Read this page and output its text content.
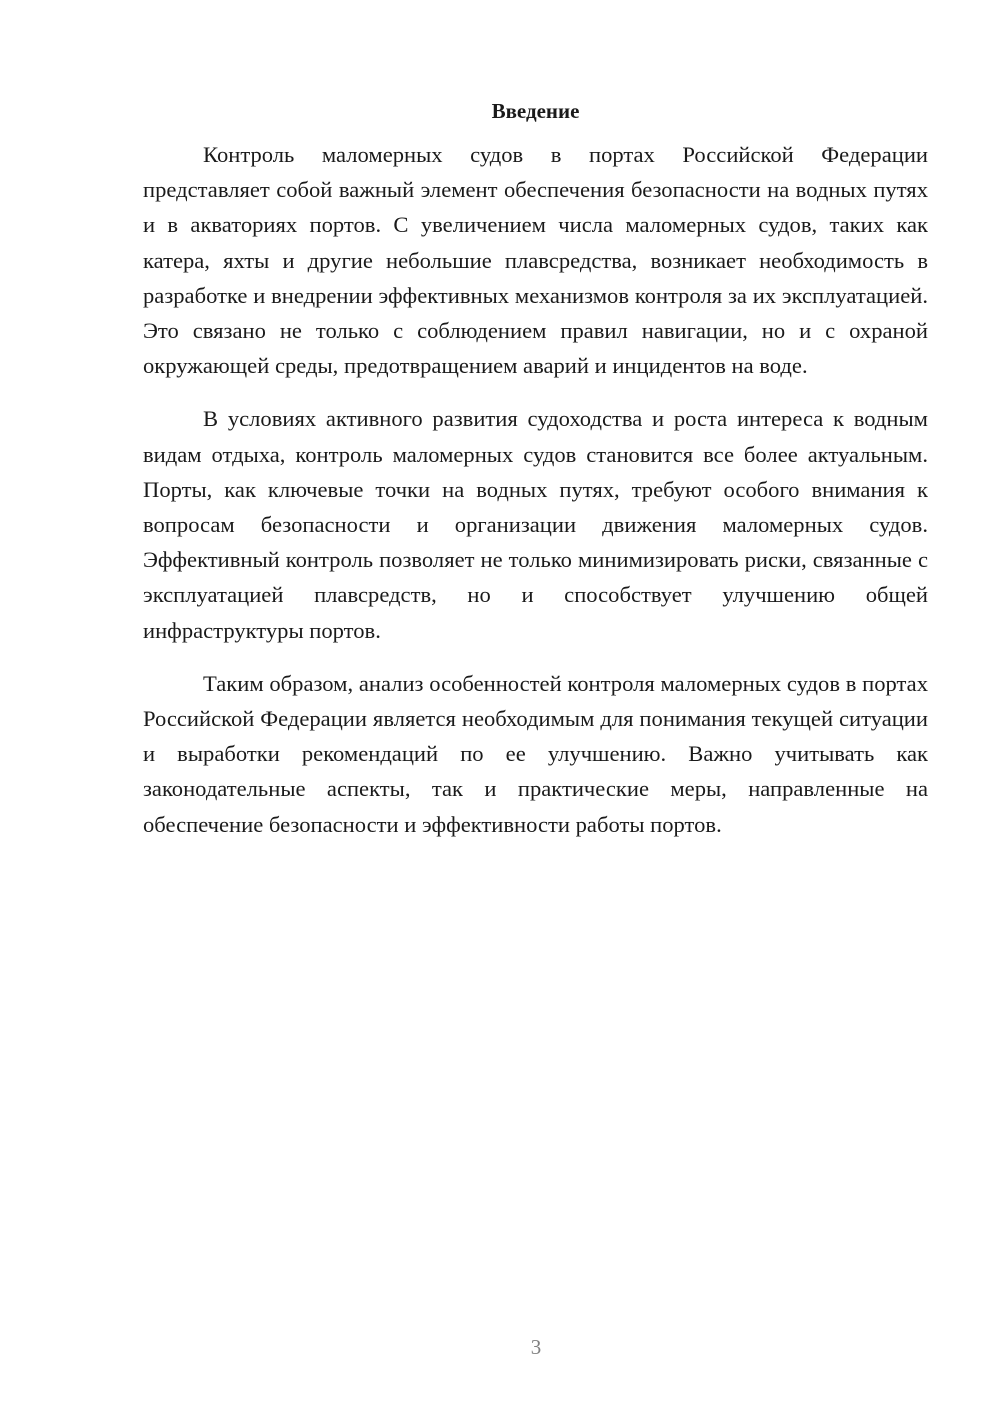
Введение

Контроль маломерных судов в портах Российской Федерации представляет собой важный элемент обеспечения безопасности на водных путях и в акваториях портов. С увеличением числа маломерных судов, таких как катера, яхты и другие небольшие плавсредства, возникает необходимость в разработке и внедрении эффективных механизмов контроля за их эксплуатацией. Это связано не только с соблюдением правил навигации, но и с охраной окружающей среды, предотвращением аварий и инцидентов на воде.

В условиях активного развития судоходства и роста интереса к водным видам отдыха, контроль маломерных судов становится все более актуальным. Порты, как ключевые точки на водных путях, требуют особого внимания к вопросам безопасности и организации движения маломерных судов. Эффективный контроль позволяет не только минимизировать риски, связанные с эксплуатацией плавсредств, но и способствует улучшению общей инфраструктуры портов.

Таким образом, анализ особенностей контроля маломерных судов в портах Российской Федерации является необходимым для понимания текущей ситуации и выработки рекомендаций по ее улучшению. Важно учитывать как законодательные аспекты, так и практические меры, направленные на обеспечение безопасности и эффективности работы портов.

3
